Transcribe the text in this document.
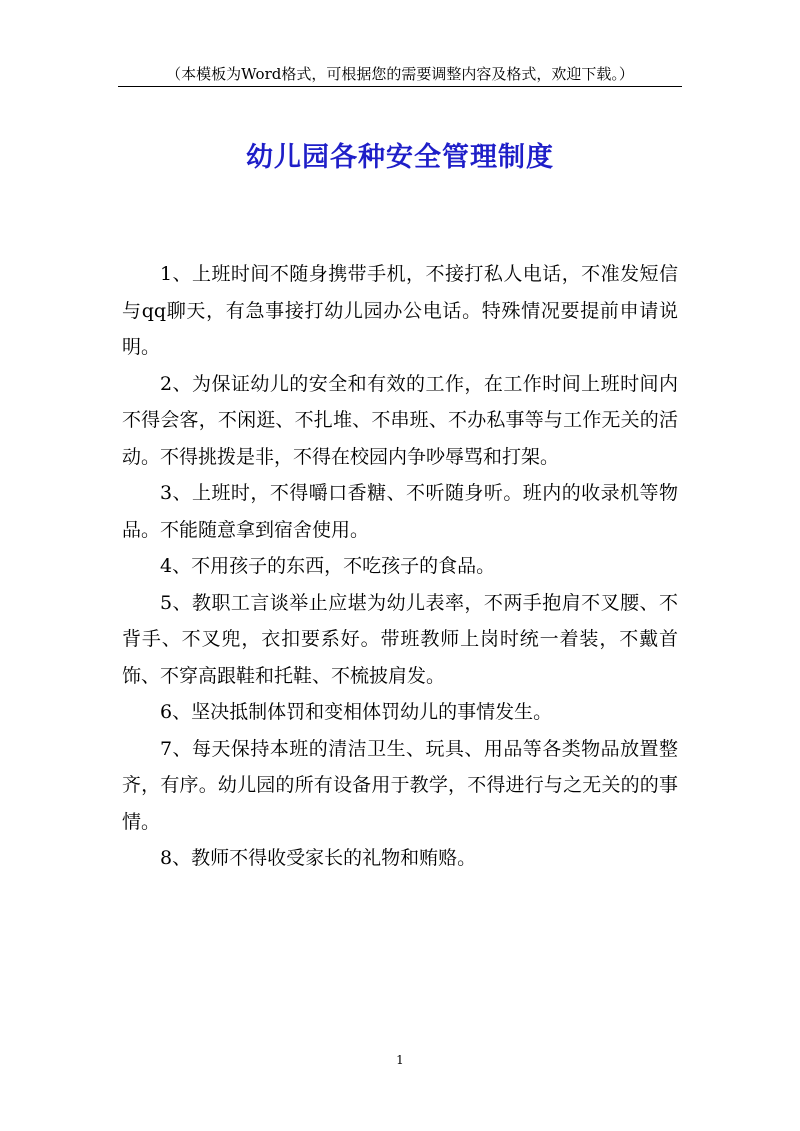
（本模板为Word格式，可根据您的需要调整内容及格式，欢迎下载。）
幼儿园各种安全管理制度

1、上班时间不随身携带手机，不接打私人电话，不准发短信与qq聊天，有急事接打幼儿园办公电话。特殊情况要提前申请说明。

2、为保证幼儿的安全和有效的工作，在工作时间上班时间内不得会客，不闲逛、不扎堆、不串班、不办私事等与工作无关的活动。不得挑拨是非，不得在校园内争吵辱骂和打架。

3、上班时，不得嚼口香糖、不听随身听。班内的收录机等物品。不能随意拿到宿舍使用。

4、不用孩子的东西，不吃孩子的食品。

5、教职工言谈举止应堪为幼儿表率，不两手抱肩不叉腰、不背手、不叉兜，衣扣要系好。带班教师上岗时统一着装，不戴首饰、不穿高跟鞋和托鞋、不梳披肩发。

6、坚决抵制体罚和变相体罚幼儿的事情发生。

7、每天保持本班的清洁卫生、玩具、用品等各类物品放置整齐，有序。幼儿园的所有设备用于教学，不得进行与之无关的的事情。

8、教师不得收受家长的礼物和贿赂。

1
